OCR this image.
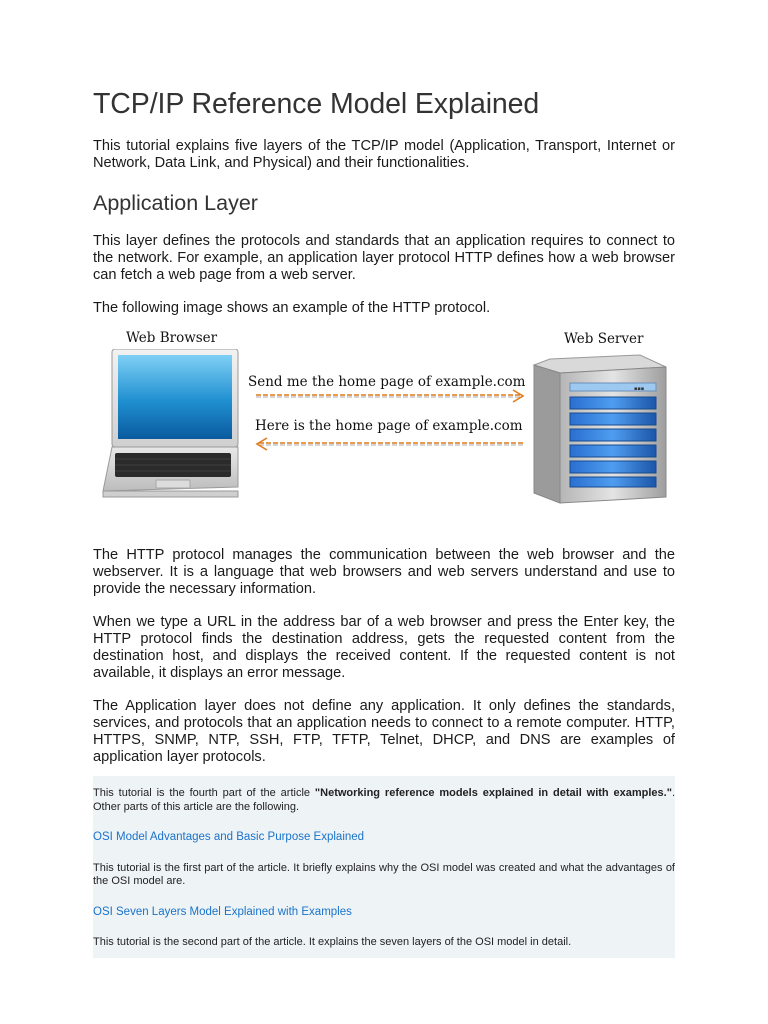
TCP/IP Reference Model Explained

This tutorial explains five layers of the TCP/IP model (Application, Transport, Internet or Network, Data Link, and Physical) and their functionalities.

Application Layer

This layer defines the protocols and standards that an application requires to connect to the network. For example, an application layer protocol HTTP defines how a web browser can fetch a web page from a web server.

The following image shows an example of the HTTP protocol.

Web Browser	Web Server
Send me the home page of example.com
Here is the home page of example.com
▪▪▪

The HTTP protocol manages the communication between the web browser and the webserver. It is a language that web browsers and web servers understand and use to provide the necessary information.

When we type a URL in the address bar of a web browser and press the Enter key, the HTTP protocol finds the destination address, gets the requested content from the destination host, and displays the received content. If the requested content is not available, it displays an error message.

The Application layer does not define any application. It only defines the standards, services, and protocols that an application needs to connect to a remote computer. HTTP, HTTPS, SNMP, NTP, SSH, FTP, TFTP, Telnet, DHCP, and DNS are examples of application layer protocols.

This tutorial is the fourth part of the article "Networking reference models explained in detail with examples.". Other parts of this article are the following.

OSI Model Advantages and Basic Purpose Explained

This tutorial is the first part of the article. It briefly explains why the OSI model was created and what the advantages of the OSI model are.

OSI Seven Layers Model Explained with Examples

This tutorial is the second part of the article. It explains the seven layers of the OSI model in detail.
